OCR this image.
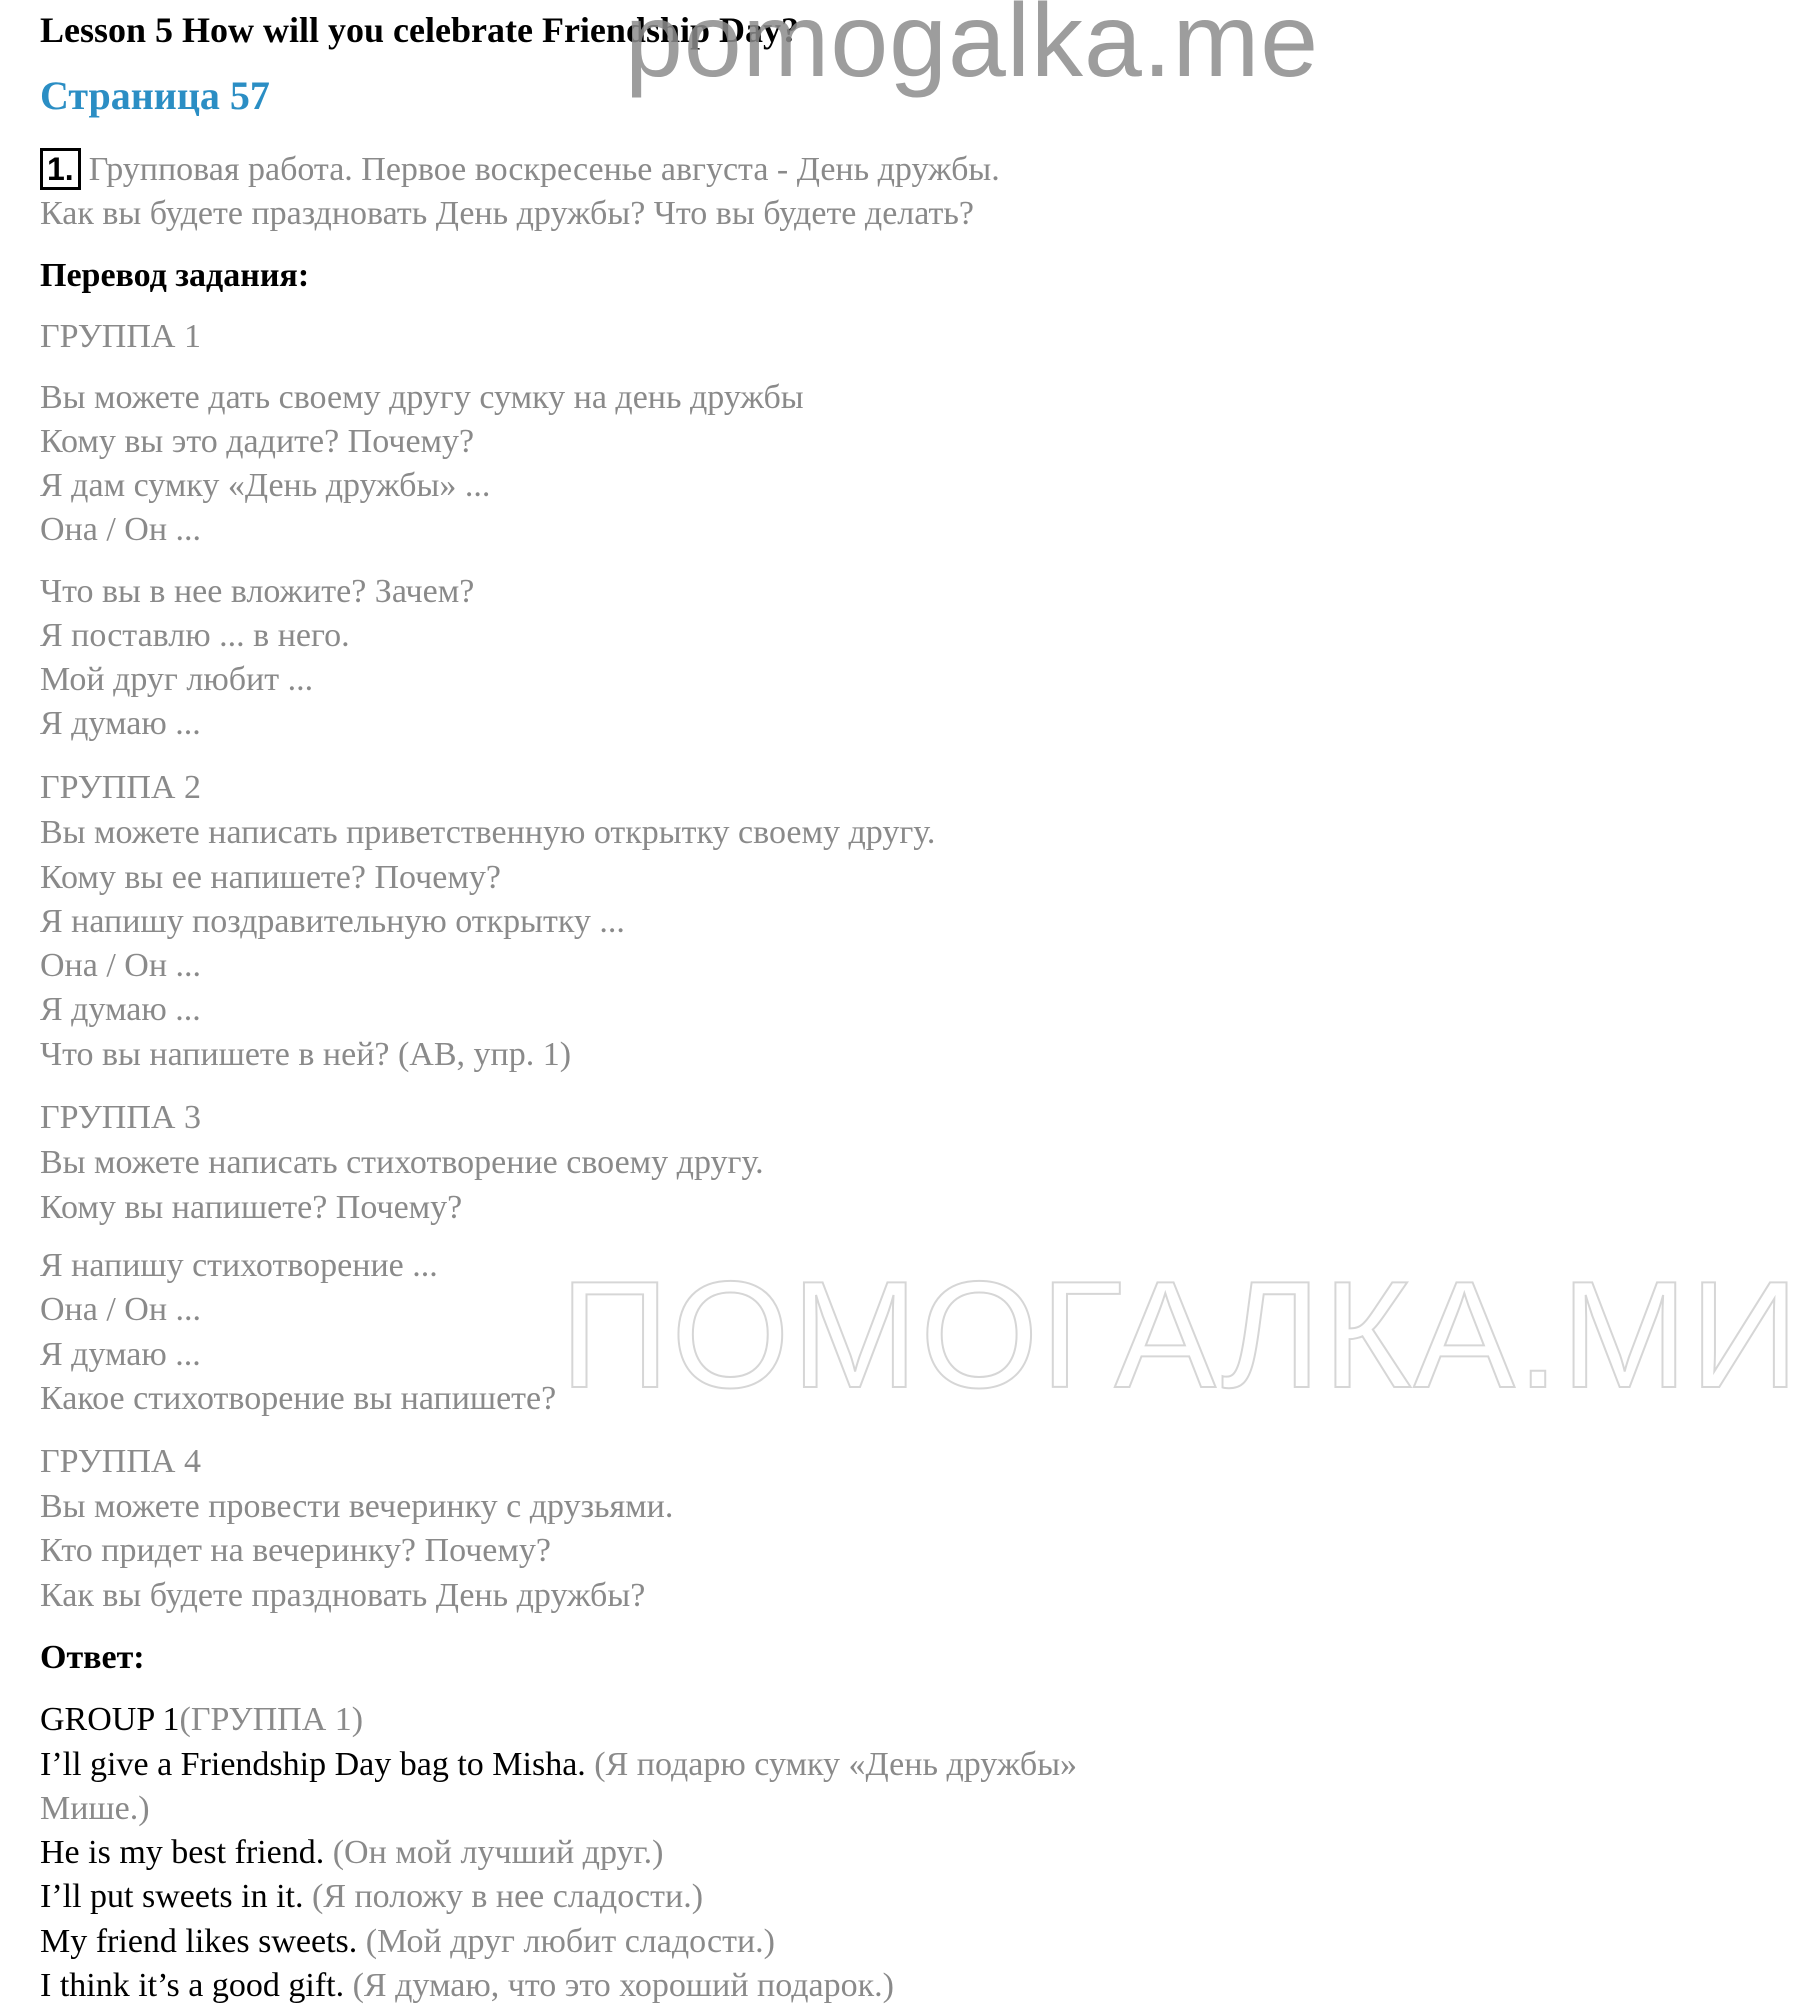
Lesson 5 How will you celebrate Friendship Day?
pomogalka.me
Страница 57
1. Групповая работа. Первое воскресенье августа - День дружбы.
Как вы будете праздновать День дружбы? Что вы будете делать?
Перевод задания:
ГРУППА 1
Вы можете дать своему другу сумку на день дружбы
Кому вы это дадите? Почему?
Я дам сумку «День дружбы» ...
Она / Он ...
Что вы в нее вложите? Зачем?
Я поставлю ... в него.
Мой друг любит ...
Я думаю ...
ГРУППА 2
Вы можете написать приветственную открытку своему другу.
Кому вы ее напишете? Почему?
Я напишу поздравительную открытку ...
Она / Он ...
Я думаю ...
Что вы напишете в ней? (АВ, упр. 1)
ГРУППА 3
Вы можете написать стихотворение своему другу.
Кому вы напишете? Почему?
ПОМОГАЛКА.МИ
Я напишу стихотворение ...
Она / Он ...
Я думаю ...
Какое стихотворение вы напишете?
ГРУППА 4
Вы можете провести вечеринку с друзьями.
Кто придет на вечеринку? Почему?
Как вы будете праздновать День дружбы?
Ответ:
GROUP 1(ГРУППА 1)
I’ll give a Friendship Day bag to Misha. (Я подарю сумку «День дружбы»
Мише.)
He is my best friend. (Он мой лучший друг.)
I’ll put sweets in it. (Я положу в нее сладости.)
My friend likes sweets. (Мой друг любит сладости.)
I think it’s a good gift. (Я думаю, что это хороший подарок.)
